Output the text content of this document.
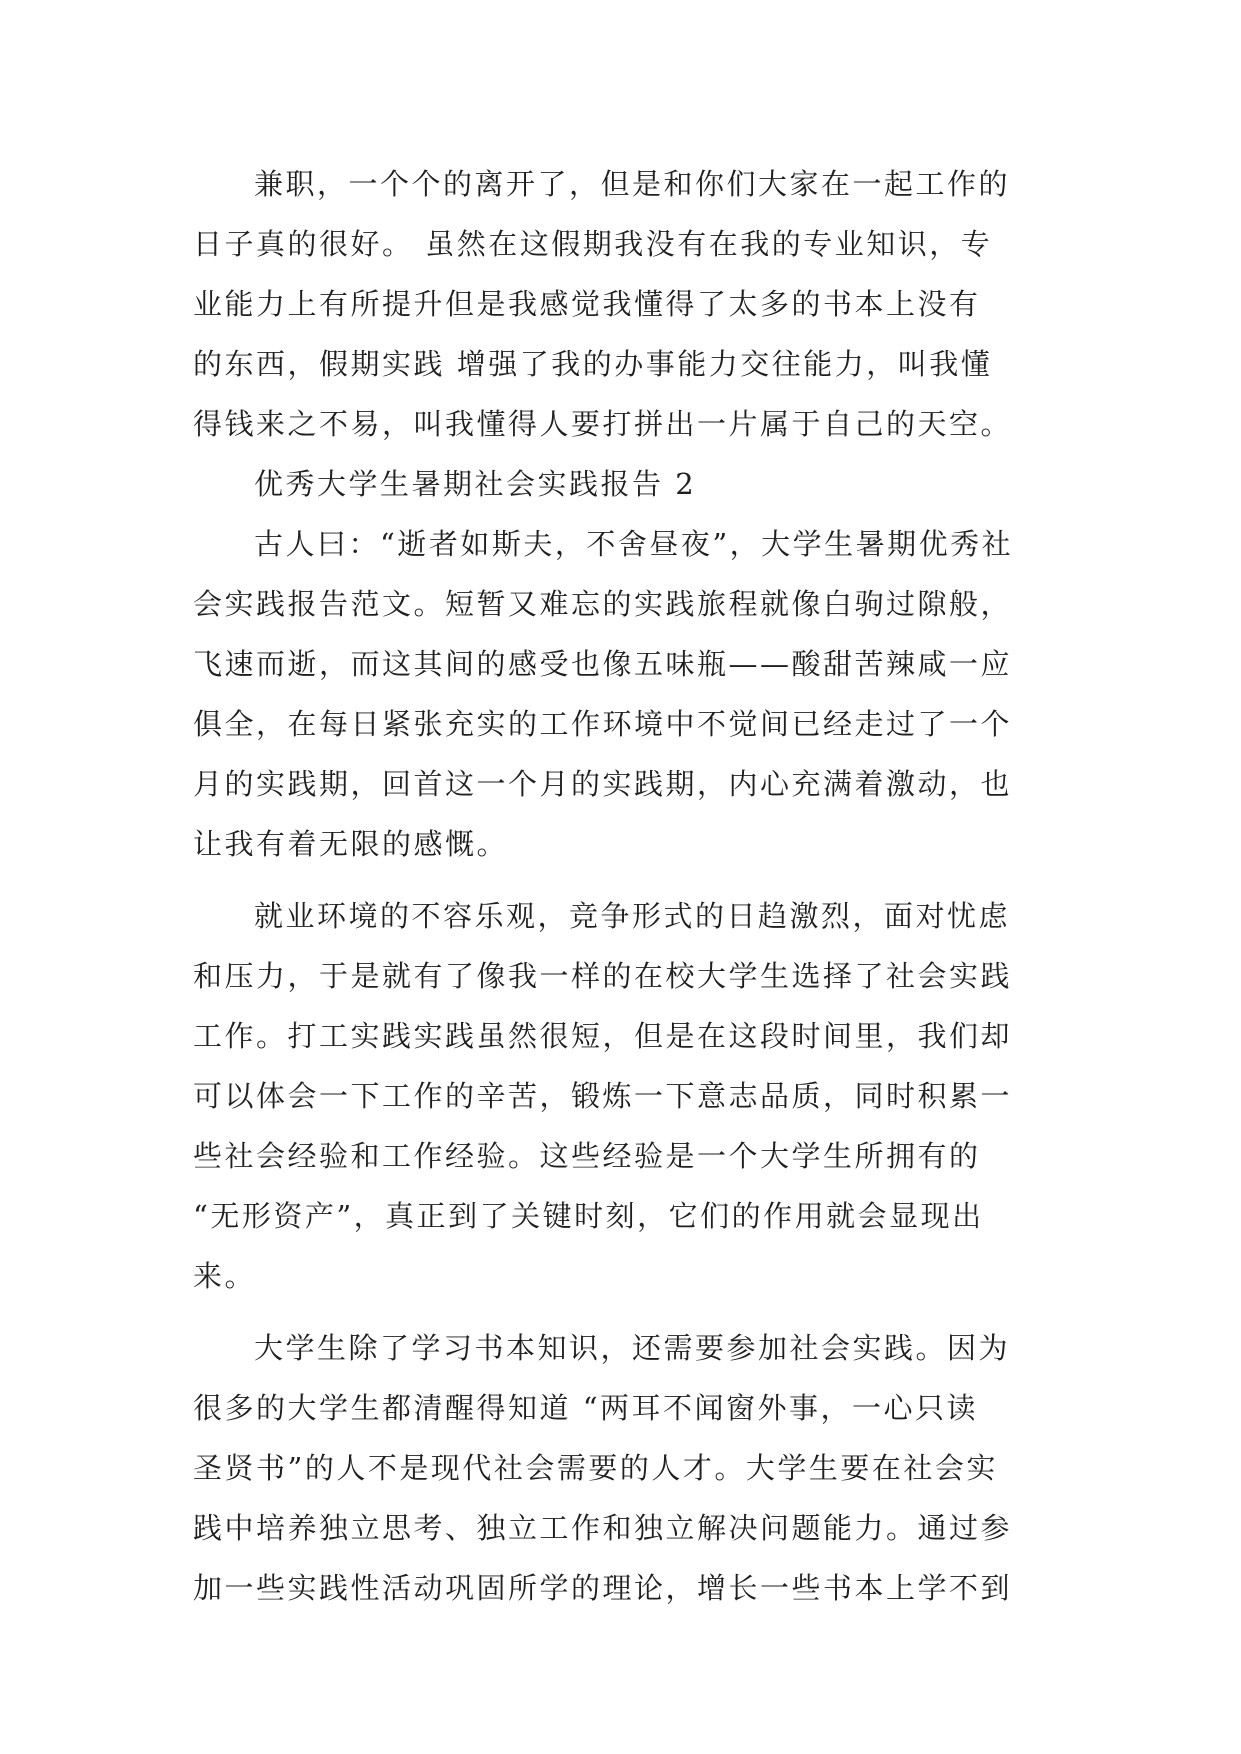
兼职，一个个的离开了，但是和你们大家在一起工作的
日子真的很好。 虽然在这假期我没有在我的专业知识，专
业能力上有所提升但是我感觉我懂得了太多的书本上没有
的东西，假期实践 增强了我的办事能力交往能力，叫我懂
得钱来之不易，叫我懂得人要打拼出一片属于自己的天空。
优秀大学生暑期社会实践报告 2
古人曰：“逝者如斯夫，不舍昼夜”，大学生暑期优秀社
会实践报告范文。短暂又难忘的实践旅程就像白驹过隙般，
飞速而逝，而这其间的感受也像五味瓶——酸甜苦辣咸一应
俱全，在每日紧张充实的工作环境中不觉间已经走过了一个
月的实践期，回首这一个月的实践期，内心充满着激动，也
让我有着无限的感慨。
就业环境的不容乐观，竞争形式的日趋激烈，面对忧虑
和压力，于是就有了像我一样的在校大学生选择了社会实践
工作。打工实践实践虽然很短，但是在这段时间里，我们却
可以体会一下工作的辛苦，锻炼一下意志品质，同时积累一
些社会经验和工作经验。这些经验是一个大学生所拥有的
“无形资产”，真正到了关键时刻，它们的作用就会显现出
来。
大学生除了学习书本知识，还需要参加社会实践。因为
很多的大学生都清醒得知道 “两耳不闻窗外事，一心只读
圣贤书”的人不是现代社会需要的人才。大学生要在社会实
践中培养独立思考、独立工作和独立解决问题能力。通过参
加一些实践性活动巩固所学的理论，增长一些书本上学不到
